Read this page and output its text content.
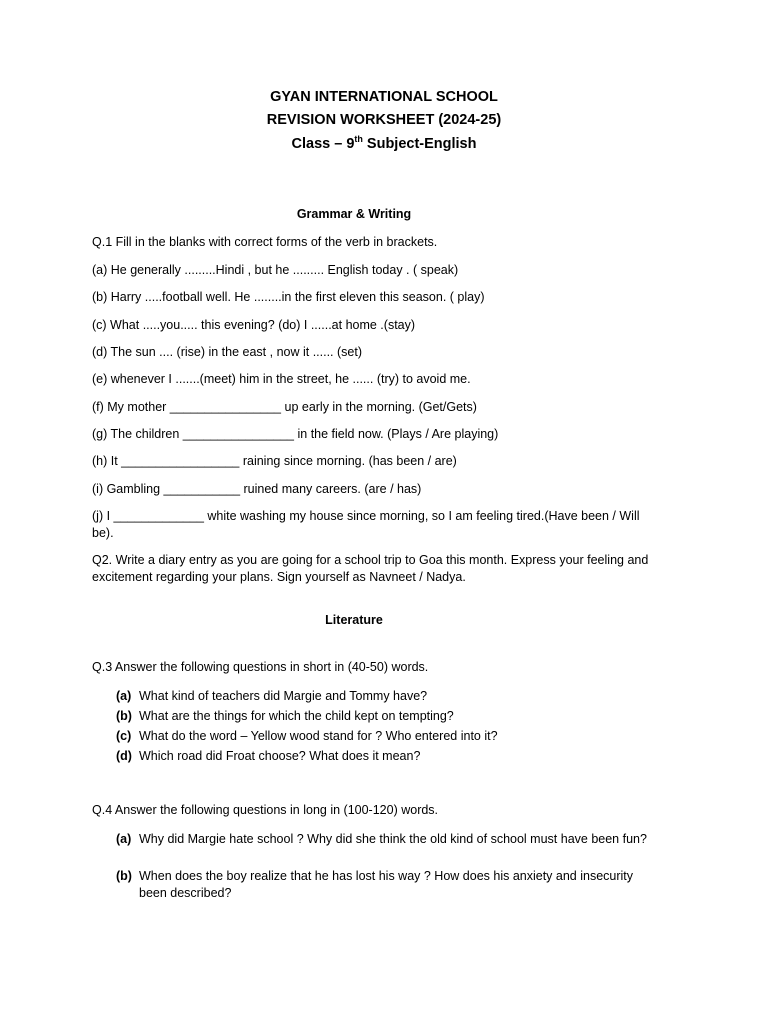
GYAN INTERNATIONAL SCHOOL
REVISION WORKSHEET (2024-25)
Class – 9th Subject-English
Grammar & Writing
Q.1 Fill in the blanks with correct forms of the verb in brackets.
(a) He generally .........Hindi , but he ......... English today . ( speak)
(b) Harry .....football well. He ........in the first eleven this season. ( play)
(c) What .....you..... this evening? (do) I ......at home .(stay)
(d) The sun .... (rise) in the east , now it ...... (set)
(e) whenever I .......(meet) him in the street, he ...... (try) to avoid me.
(f) My mother ________________ up early in the morning. (Get/Gets)
(g) The children ________________ in the field now. (Plays / Are playing)
(h) It _________________ raining since morning. (has been / are)
(i) Gambling ___________ ruined many careers. (are / has)
(j) I _____________ white washing my house since morning, so I am feeling tired.(Have been / Will be).
Q2. Write a diary entry as you are going for a school trip to Goa this month. Express your feeling and excitement regarding your plans. Sign yourself as Navneet / Nadya.
Literature
Q.3 Answer the following questions in short in (40-50) words.
(a) What kind of teachers did Margie and Tommy have?
(b) What are the things for which the child kept on tempting?
(c) What do the word – Yellow wood stand for ? Who entered into it?
(d) Which road did Froat choose? What does it mean?
Q.4 Answer the following questions in long in (100-120) words.
(a) Why did Margie hate school ? Why did she think the old kind of school must have been fun?
(b) When does the boy realize that he has lost his way ? How does his anxiety and insecurity been described?
